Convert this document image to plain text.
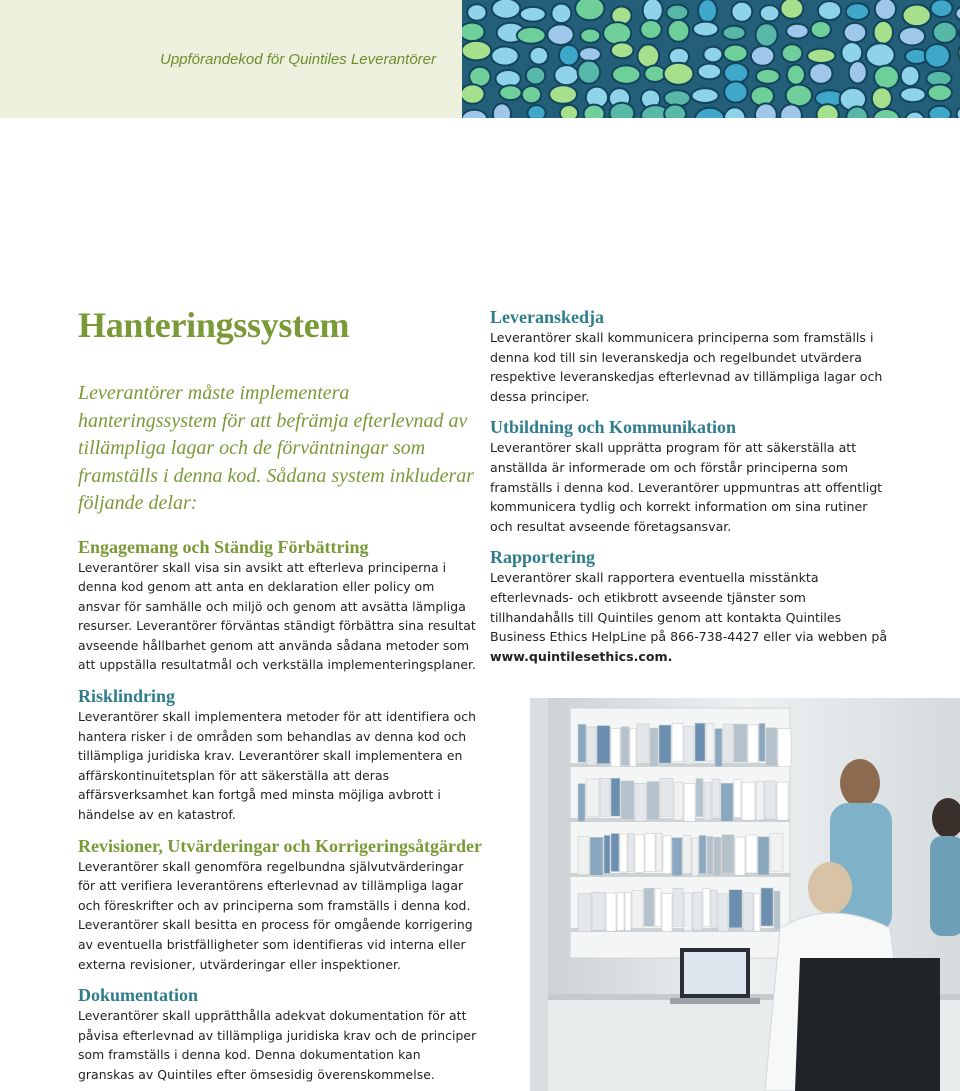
Uppförandekod för Quintiles Leverantörer
Hanteringssystem

Leverantörer måste implementera hanteringssystem för att befrämja efterlevnad av tillämpliga lagar och de förväntningar som framställs i denna kod. Sådana system inkluderar följande delar:

Engagemang och Ständig Förbättring

Leverantörer skall visa sin avsikt att efterleva principerna i denna kod genom att anta en deklaration eller policy om ansvar för samhälle och miljö och genom att avsätta lämpliga resurser. Leverantörer förväntas ständigt förbättra sina resultat avseende hållbarhet genom att använda sådana metoder som att uppställa resultatmål och verkställa implementeringsplaner.

Risklindring

Leverantörer skall implementera metoder för att identifiera och hantera risker i de områden som behandlas av denna kod och tillämpliga juridiska krav. Leverantörer skall implementera en affärskontinuitetsplan för att säkerställa att deras affärsverksamhet kan fortgå med minsta möjliga avbrott i händelse av en katastrof.

Revisioner, Utvärderingar och Korrigeringsåtgärder

Leverantörer skall genomföra regelbundna självutvärderingar för att verifiera leverantörens efterlevnad av tillämpliga lagar och föreskrifter och av principerna som framställs i denna kod. Leverantörer skall besitta en process för omgående korrigering av eventuella bristfälligheter som identifieras vid interna eller externa revisioner, utvärderingar eller inspektioner.

Dokumentation

Leverantörer skall upprätthålla adekvat dokumentation för att påvisa efterlevnad av tillämpliga juridiska krav och de principer som framställs i denna kod. Denna dokumentation kan granskas av Quintiles efter ömsesidig överenskommelse.

Leveranskedja

Leverantörer skall kommunicera principerna som framställs i denna kod till sin leveranskedja och regelbundet utvärdera respektive leveranskedjas efterlevnad av tillämpliga lagar och dessa principer.

Utbildning och Kommunikation

Leverantörer skall upprätta program för att säkerställa att anställda är informerade om och förstår principerna som framställs i denna kod. Leverantörer uppmuntras att offentligt kommunicera tydlig och korrekt information om sina rutiner och resultat avseende företagsansvar.

Rapportering

Leverantörer skall rapportera eventuella misstänkta efterlevnads- och etikbrott avseende tjänster som tillhandahålls till Quintiles genom att kontakta Quintiles Business Ethics HelpLine på 866-738-4427 eller via webben på www.quintilesethics.com.
